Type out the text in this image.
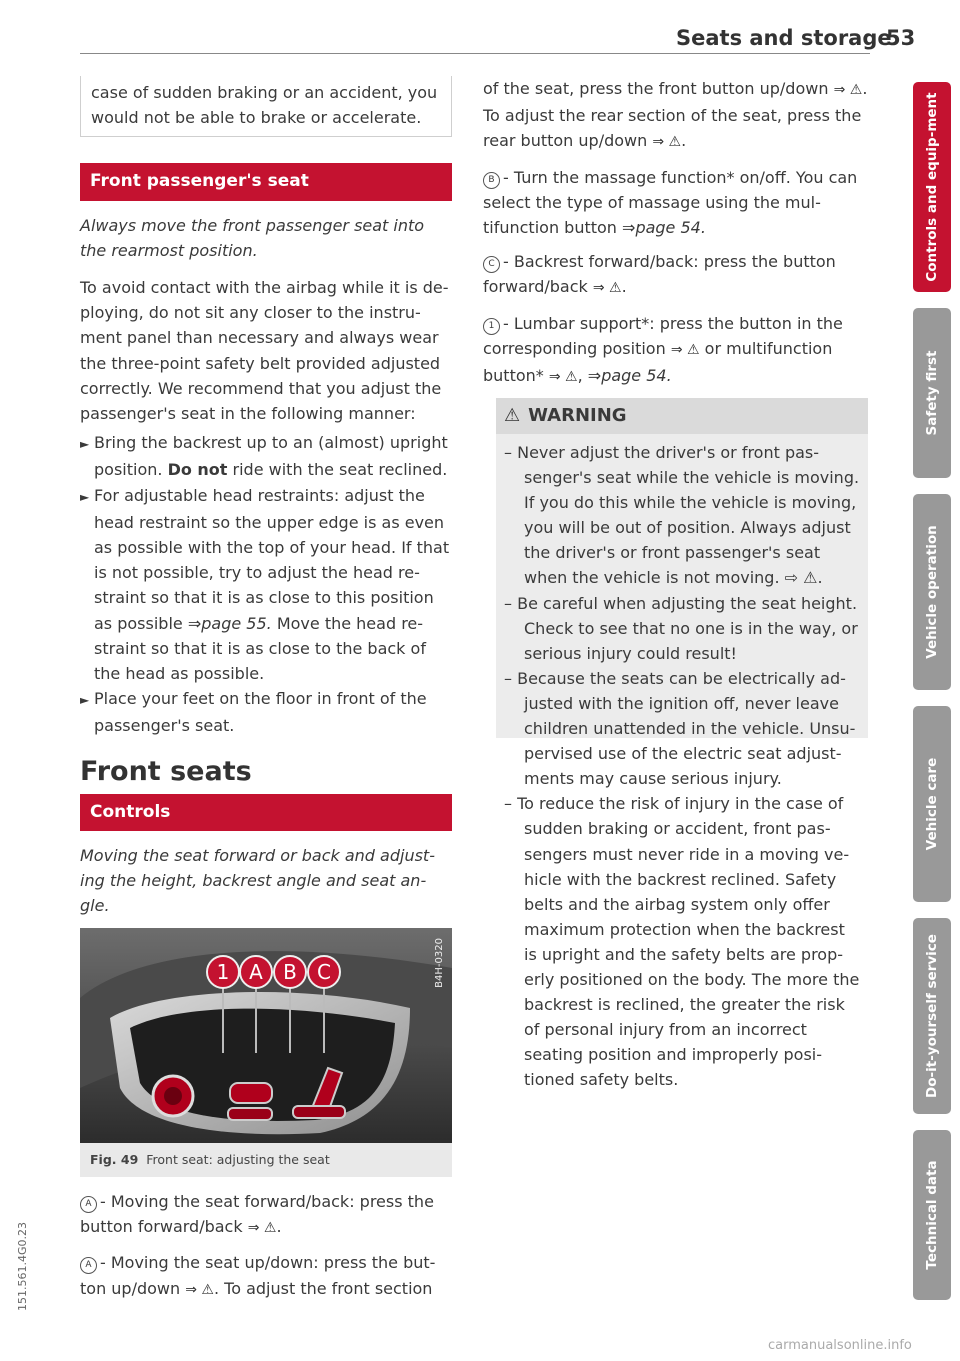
Seats and storage
53

case of sudden braking or an accident, you would not be able to brake or accelerate.

Front passenger's seat

Always move the front passenger seat into the rearmost position.

To avoid contact with the airbag while it is de-ploying, do not sit any closer to the instru-ment panel than necessary and always wear the three-point safety belt provided adjusted correctly. We recommend that you adjust the passenger's seat in the following manner:

► Bring the backrest up to an (almost) upright position. Do not ride with the seat reclined.

► For adjustable head restraints: adjust the head restraint so the upper edge is as even as possible with the top of your head. If that is not possible, try to adjust the head re-straint so that it is as close to this position as possible ⇒page 55. Move the head re-straint so that it is as close to the back of the head as possible.

► Place your feet on the floor in front of the passenger's seat.

Front seats
Controls

Moving the seat forward or back and adjust-ing the height, backrest angle and seat an-gle.

1 A B C	B4H-0320
Fig. 49 Front seat: adjusting the seat

A - Moving the seat forward/back: press the button forward/back ⇒ ⚠.

A - Moving the seat up/down: press the but-ton up/down ⇒ ⚠. To adjust the front section

of the seat, press the front button up/down ⇒ ⚠. To adjust the rear section of the seat, press the rear button up/down ⇒ ⚠.

B - Turn the massage function* on/off. You can select the type of massage using the mul-tifunction button ⇒page 54.

C - Backrest forward/back: press the button forward/back ⇒ ⚠.

1 - Lumbar support*: press the button in the corresponding position ⇒ ⚠ or multifunction button* ⇒ ⚠, ⇒page 54.

⚠ WARNING
– Never adjust the driver's or front pas-senger's seat while the vehicle is moving. If you do this while the vehicle is moving, you will be out of position. Always adjust the driver's or front passenger's seat when the vehicle is not moving. ⇨ ⚠.
– Be careful when adjusting the seat height. Check to see that no one is in the way, or serious injury could result!
– Because the seats can be electrically ad-justed with the ignition off, never leave children unattended in the vehicle. Unsu-pervised use of the electric seat adjust-ments may cause serious injury.
– To reduce the risk of injury in the case of sudden braking or accident, front pas-sengers must never ride in a moving ve-hicle with the backrest reclined. Safety belts and the airbag system only offer maximum protection when the backrest is upright and the safety belts are prop-erly positioned on the body. The more the backrest is reclined, the greater the risk of personal injury from an incorrect seating position and improperly posi-tioned safety belts.
Controls and equip-ment
Safety first
Vehicle operation
Vehicle care
Do-it-yourself service
Technical data
151.561.4G0.23
carmanualsonline.info
